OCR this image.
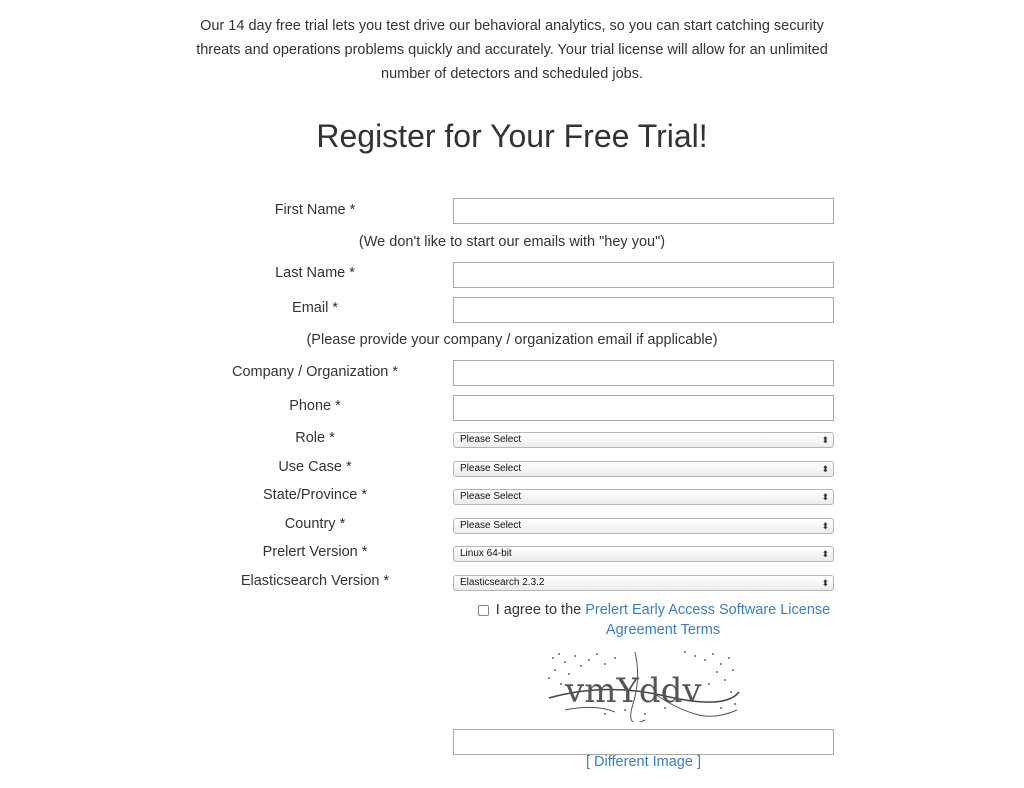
Our 14 day free trial lets you test drive our behavioral analytics, so you can start catching security
threats and operations problems quickly and accurately. Your trial license will allow for an unlimited
number of detectors and scheduled jobs.
Register for Your Free Trial!
First Name *
(We don't like to start our emails with "hey you")
Last Name *
Email *
(Please provide your company / organization email if applicable)
Company / Organization *
Phone *
Role *	Please Select	⬍
Use Case *	Please Select	⬍
State/Province *	Please Select	⬍
Country *	Please Select	⬍
Prelert Version *	Linux 64-bit	⬍
Elasticsearch Version *	Elasticsearch 2.3.2	⬍
I agree to the Prelert Early Access Software License Agreement Terms
vmYddv
[ Different Image ]
